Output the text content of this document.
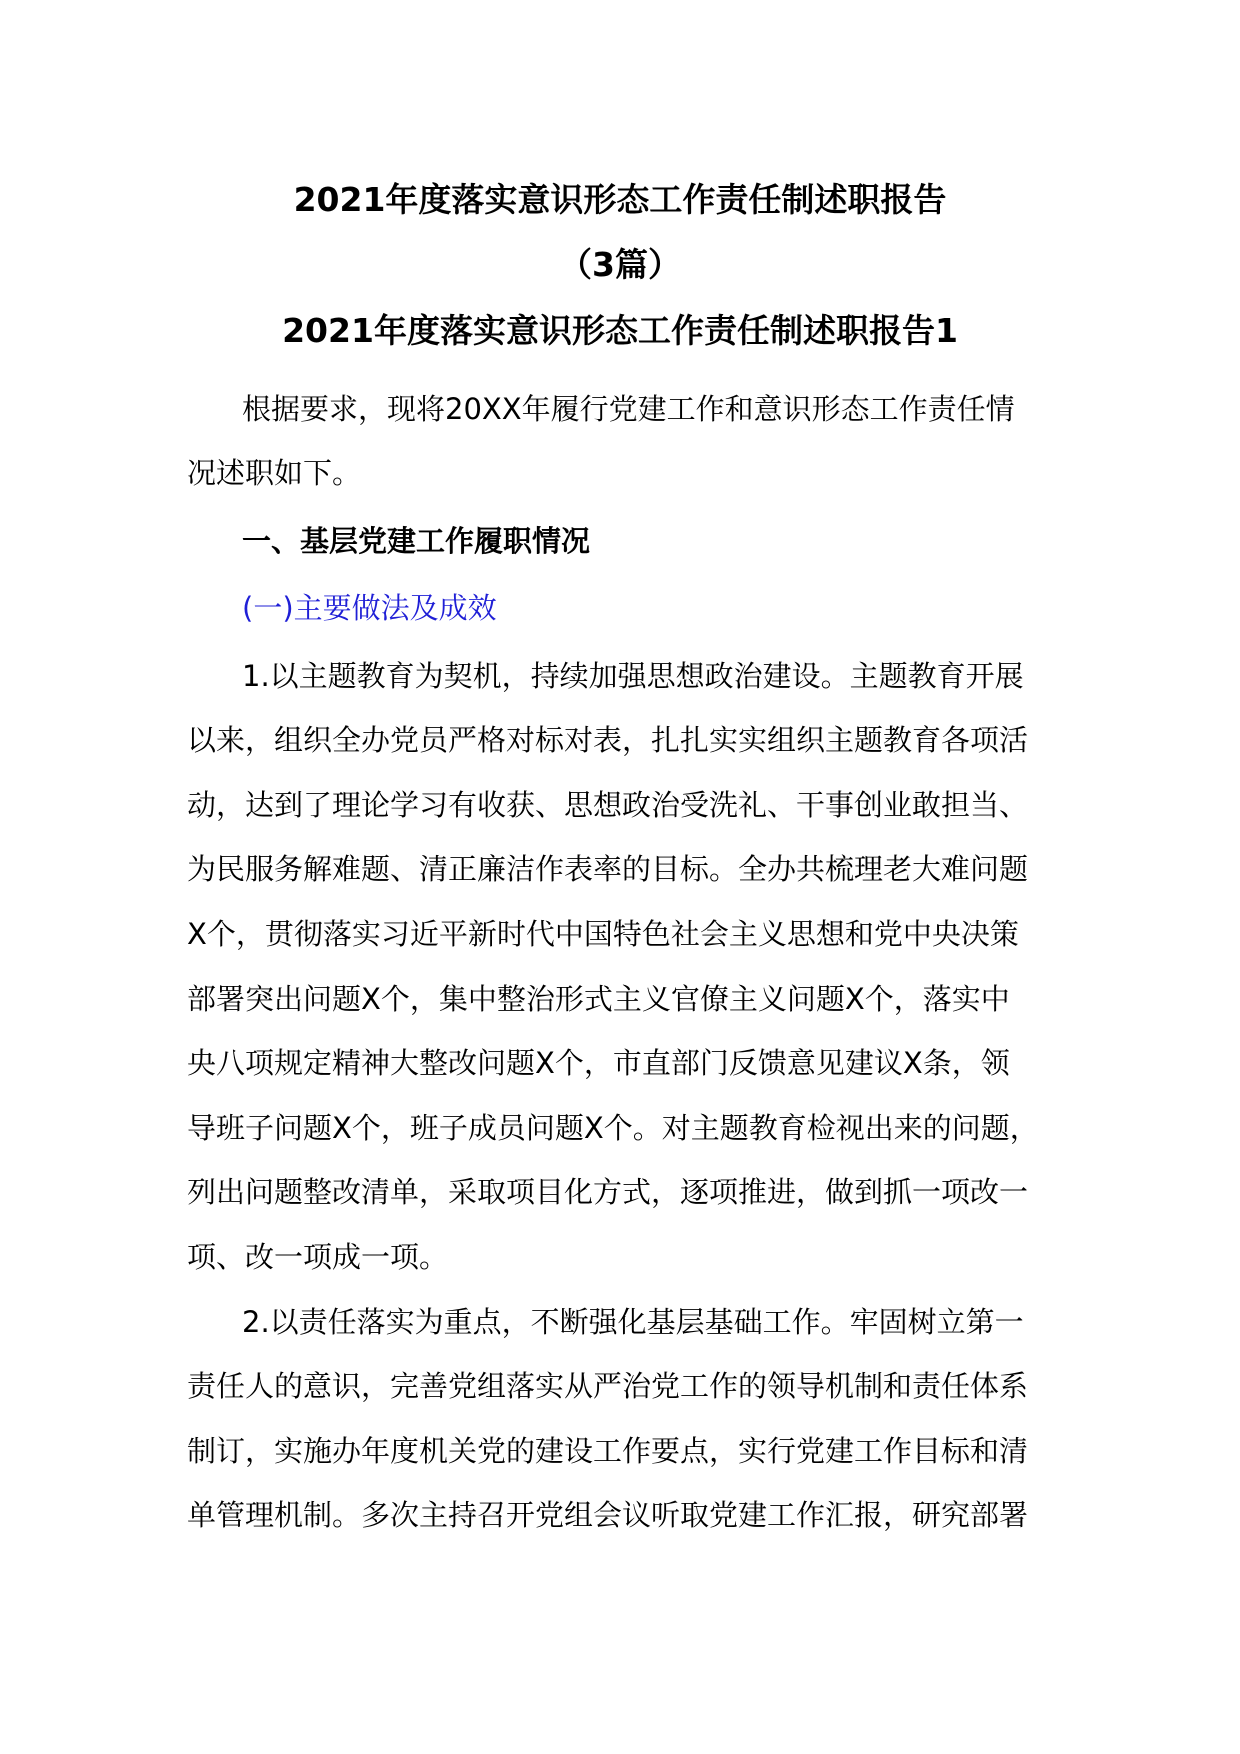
2021年度落实意识形态工作责任制述职报告
（3篇）
2021年度落实意识形态工作责任制述职报告1
根据要求，现将20XX年履行党建工作和意识形态工作责任情
况述职如下。
一、基层党建工作履职情况
(一)主要做法及成效
1.以主题教育为契机，持续加强思想政治建设。主题教育开展
以来，组织全办党员严格对标对表，扎扎实实组织主题教育各项活
动，达到了理论学习有收获、思想政治受洗礼、干事创业敢担当、
为民服务解难题、清正廉洁作表率的目标。全办共梳理老大难问题
X个，贯彻落实习近平新时代中国特色社会主义思想和党中央决策
部署突出问题X个，集中整治形式主义官僚主义问题X个，落实中
央八项规定精神大整改问题X个，市直部门反馈意见建议X条，领
导班子问题X个，班子成员问题X个。对主题教育检视出来的问题，
列出问题整改清单，采取项目化方式，逐项推进，做到抓一项改一
项、改一项成一项。
2.以责任落实为重点，不断强化基层基础工作。牢固树立第一
责任人的意识，完善党组落实从严治党工作的领导机制和责任体系
制订，实施办年度机关党的建设工作要点，实行党建工作目标和清
单管理机制。多次主持召开党组会议听取党建工作汇报，研究部署
